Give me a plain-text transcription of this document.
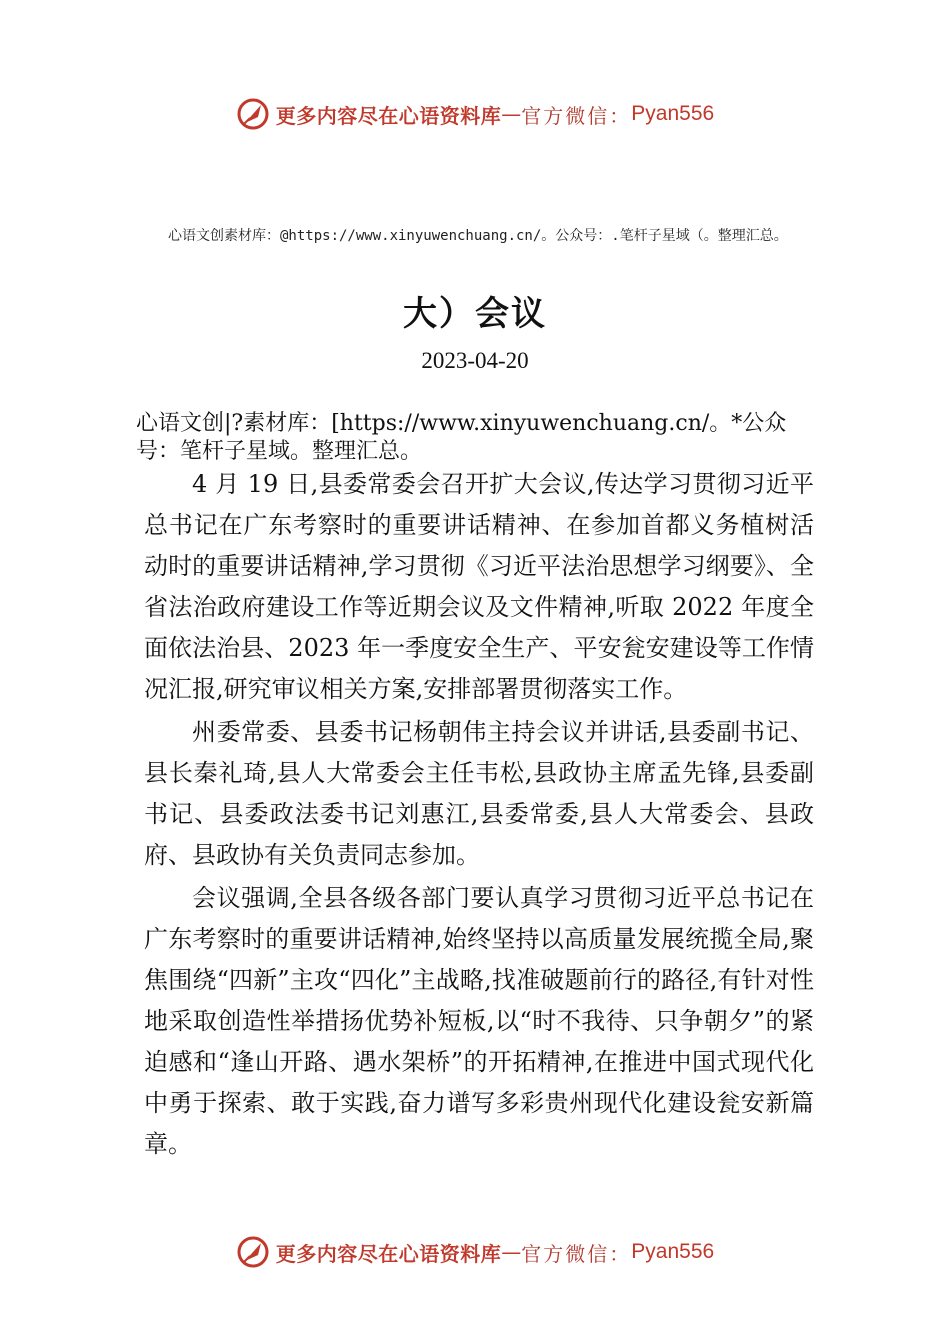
更多内容尽在心语资料库 — 官方微信： Pyan556
心语文创素材库：@https://www.xinyuwenchuang.cn/。公众号：.笔杆子星域（。整理汇总。
大）会议
2023-04-20
心语文创|?素材库：[https://www.xinyuwenchuang.cn/。*公众号：笔杆子星域。整理汇总。

4 月 19 日,县委常委会召开扩大会议,传达学习贯彻习近平总书记在广东考察时的重要讲话精神、在参加首都义务植树活动时的重要讲话精神,学习贯彻《习近平法治思想学习纲要》、全省法治政府建设工作等近期会议及文件精神,听取 2022 年度全面依法治县、2023 年一季度安全生产、平安瓮安建设等工作情况汇报,研究审议相关方案,安排部署贯彻落实工作。

州委常委、县委书记杨朝伟主持会议并讲话,县委副书记、县长秦礼琦,县人大常委会主任韦松,县政协主席孟先锋,县委副书记、县委政法委书记刘惠江,县委常委,县人大常委会、县政府、县政协有关负责同志参加。

会议强调,全县各级各部门要认真学习贯彻习近平总书记在广东考察时的重要讲话精神,始终坚持以高质量发展统揽全局,聚焦围绕“四新”主攻“四化”主战略,找准破题前行的路径,有针对性地采取创造性举措扬优势补短板,以“时不我待、只争朝夕”的紧迫感和“逢山开路、遇水架桥”的开拓精神,在推进中国式现代化中勇于探索、敢于实践,奋力谱写多彩贵州现代化建设瓮安新篇章。

更多内容尽在心语资料库 — 官方微信： Pyan556
